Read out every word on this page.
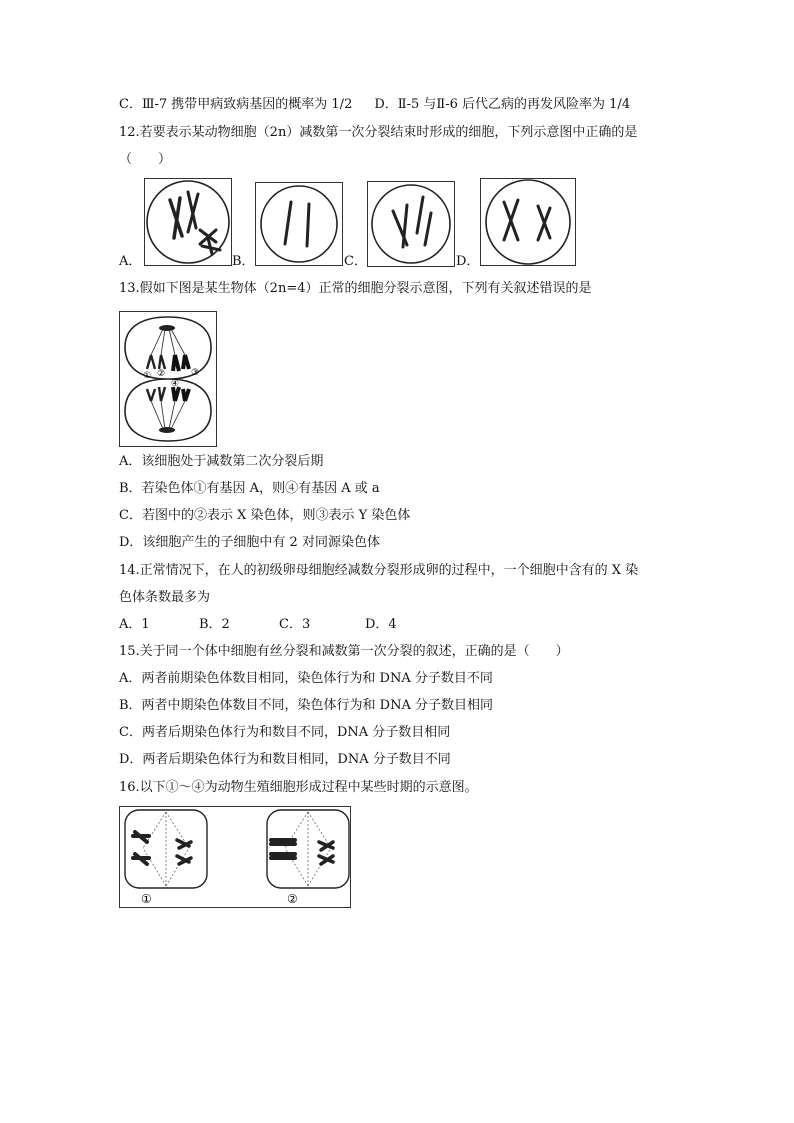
C．Ⅲ-7 携带甲病致病基因的概率为 1/2 D．Ⅱ-5 与Ⅱ-6 后代乙病的再发风险率为 1/4
12.若要表示某动物细胞（2n）减数第一次分裂结束时形成的细胞，下列示意图中正确的是
（　　）
A．	B．	C．	D．
13.假如下图是某生物体（2n=4）正常的细胞分裂示意图，下列有关叙述错误的是
① ②	③
④
A．该细胞处于减数第二次分裂后期
B．若染色体①有基因 A，则④有基因 A 或 a
C．若图中的②表示 X 染色体，则③表示 Y 染色体
D．该细胞产生的子细胞中有 2 对同源染色体
14.正常情况下，在人的初级卵母细胞经减数分裂形成卵的过程中，一个细胞中含有的 X 染
色体条数最多为
A．1	B．2	C．3	D．4
15.关于同一个体中细胞有丝分裂和减数第一次分裂的叙述，正确的是（　　）
A．两者前期染色体数目相同，染色体行为和 DNA 分子数目不同
B．两者中期染色体数目不同，染色体行为和 DNA 分子数目相同
C．两者后期染色体行为和数目不同，DNA 分子数目相同
D．两者后期染色体行为和数目相同，DNA 分子数目不同
16.以下①～④为动物生殖细胞形成过程中某些时期的示意图。
①	②
